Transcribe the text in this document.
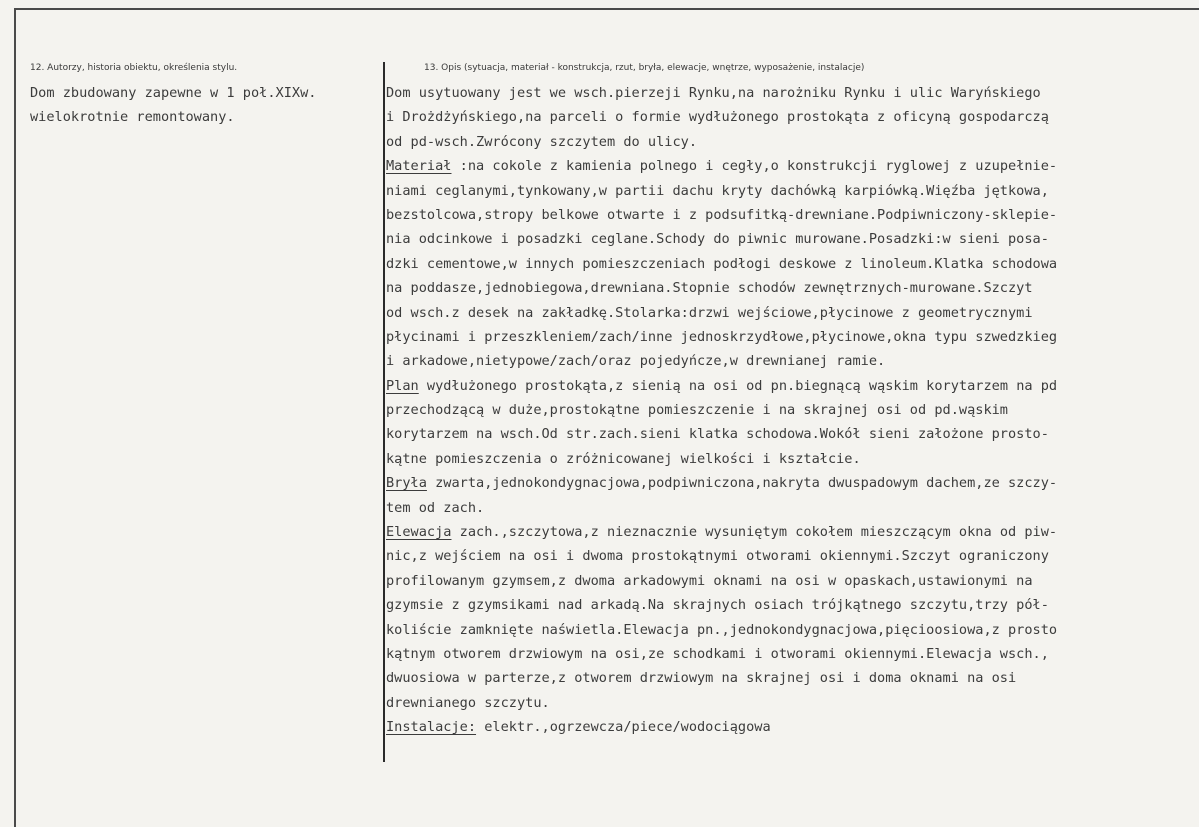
12. Autorzy, historia obiektu, określenia stylu.	13. Opis (sytuacja, materiał - konstrukcja, rzut, bryła, elewacje, wnętrze, wyposażenie, instalacje)
Dom zbudowany zapewne w 1 poł.XIXw.
wielokrotnie remontowany.
Dom usytuowany jest we wsch.pierzeji Rynku,na narożniku Rynku i ulic Waryńskiego
i Drożdżyńskiego,na parceli o formie wydłużonego prostokąta z oficyną gospodarczą
od pd-wsch.Zwrócony szczytem do ulicy.
Materiał :na cokole z kamienia polnego i cegły,o konstrukcji ryglowej z uzupełnie-
niami ceglanymi,tynkowany,w partii dachu kryty dachówką karpiówką.Więźba jętkowa,
bezstolcowa,stropy belkowe otwarte i z podsufitką-drewniane.Podpiwniczony-sklepie-
nia odcinkowe i posadzki ceglane.Schody do piwnic murowane.Posadzki:w sieni posa-
dzki cementowe,w innych pomieszczeniach podłogi deskowe z linoleum.Klatka schodowa
na poddasze,jednobiegowa,drewniana.Stopnie schodów zewnętrznych-murowane.Szczyt
od wsch.z desek na zakładkę.Stolarka:drzwi wejściowe,płycinowe z geometrycznymi
płycinami i przeszkleniem/zach/inne jednoskrzydłowe,płycinowe,okna typu szwedzkieg
i arkadowe,nietypowe/zach/oraz pojedyńcze,w drewnianej ramie.
Plan wydłużonego prostokąta,z sienią na osi od pn.biegnącą wąskim korytarzem na pd
przechodzącą w duże,prostokątne pomieszczenie i na skrajnej osi od pd.wąskim
korytarzem na wsch.Od str.zach.sieni klatka schodowa.Wokół sieni założone prosto-
kątne pomieszczenia o zróżnicowanej wielkości i kształcie.
Bryła zwarta,jednokondygnacjowa,podpiwniczona,nakryta dwuspadowym dachem,ze szczy-
tem od zach.
Elewacja zach.,szczytowa,z nieznacznie wysuniętym cokołem mieszczącym okna od piw-
nic,z wejściem na osi i dwoma prostokątnymi otworami okiennymi.Szczyt ograniczony
profilowanym gzymsem,z dwoma arkadowymi oknami na osi w opaskach,ustawionymi na
gzymsie z gzymsikami nad arkadą.Na skrajnych osiach trójkątnego szczytu,trzy pół-
koliście zamknięte naświetla.Elewacja pn.,jednokondygnacjowa,pięcioosiowa,z prosto
kątnym otworem drzwiowym na osi,ze schodkami i otworami okiennymi.Elewacja wsch.,
dwuosiowa w parterze,z otworem drzwiowym na skrajnej osi i doma oknami na osi
drewnianego szczytu.
Instalacje: elektr.,ogrzewcza/piece/wodociągowa
